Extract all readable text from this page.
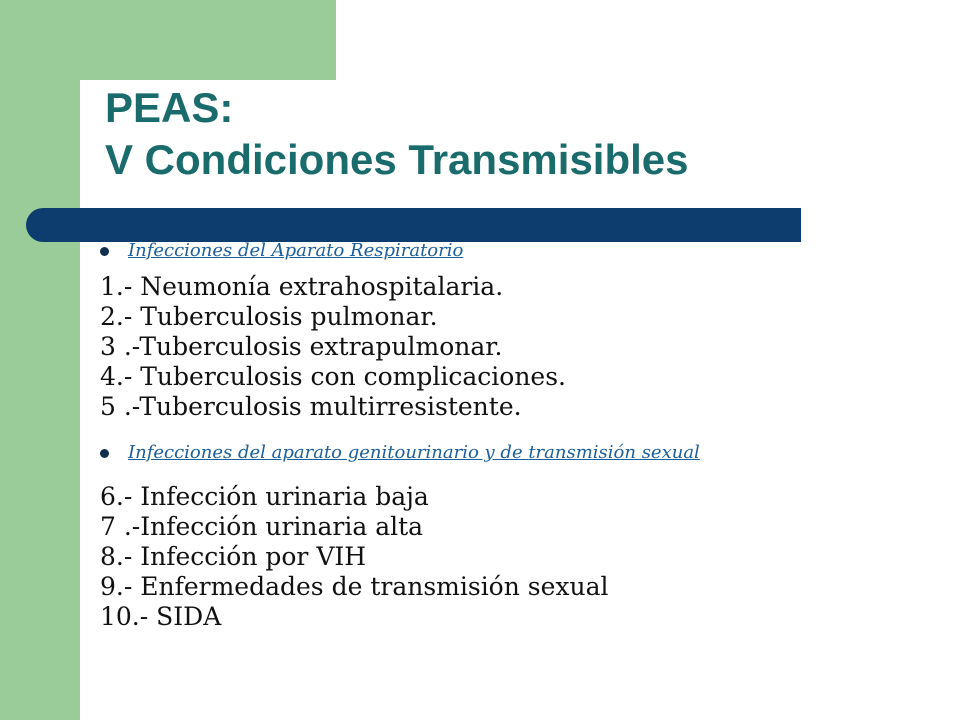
PEAS:
V Condiciones Transmisibles
Infecciones del Aparato Respiratorio
1.- Neumonía extrahospitalaria.
2.- Tuberculosis pulmonar.
3 .-Tuberculosis extrapulmonar.
4.- Tuberculosis con complicaciones.
5 .-Tuberculosis multirresistente.
Infecciones del aparato genitourinario y de transmisión sexual
6.- Infección urinaria baja
7 .-Infección urinaria alta
8.- Infección por VIH
9.- Enfermedades de transmisión sexual
10.- SIDA
